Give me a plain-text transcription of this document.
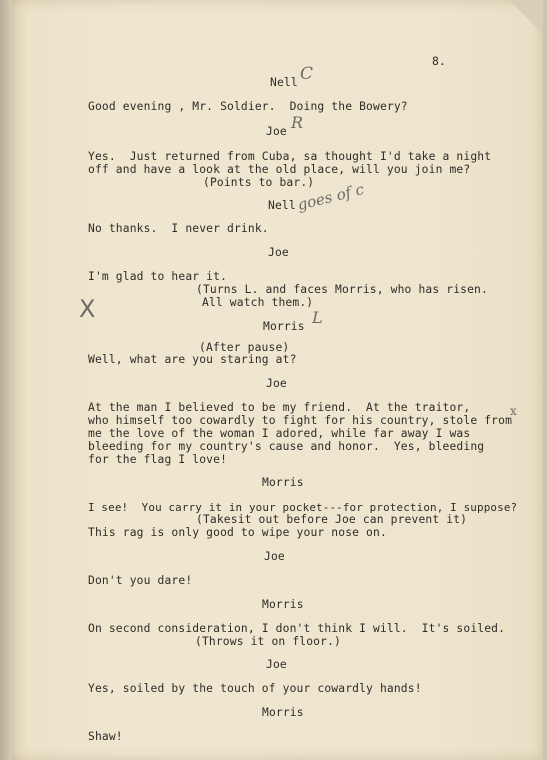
8.
Nell
Good evening , Mr. Soldier.  Doing the Bowery?
Joe
Yes.  Just returned from Cuba, sa thought I'd take a night
off and have a look at the old place, will you join me?
(Points to bar.)
Nell
No thanks.  I never drink.
Joe
I'm glad to hear it.
(Turns L. and faces Morris, who has risen.
All watch them.)
Morris
(After pause)
Well, what are you staring at?
Joe
At the man I believed to be my friend.  At the traitor,
who himself too cowardly to fight for his country, stole from
me the love of the woman I adored, while far away I was
bleeding for my country's cause and honor.  Yes, bleeding
for the flag I love!
Morris
I see!  You carry it in your pocket---for protection, I suppose?
(Takesit out before Joe can prevent it)
This rag is only good to wipe your nose on.
Joe
Don't you dare!
Morris
On second consideration, I don't think I will.  It's soiled.
(Throws it on floor.)
Joe
Yes, soiled by the touch of your cowardly hands!
Morris
Shaw!
C
R
goes of c
X	L
x
